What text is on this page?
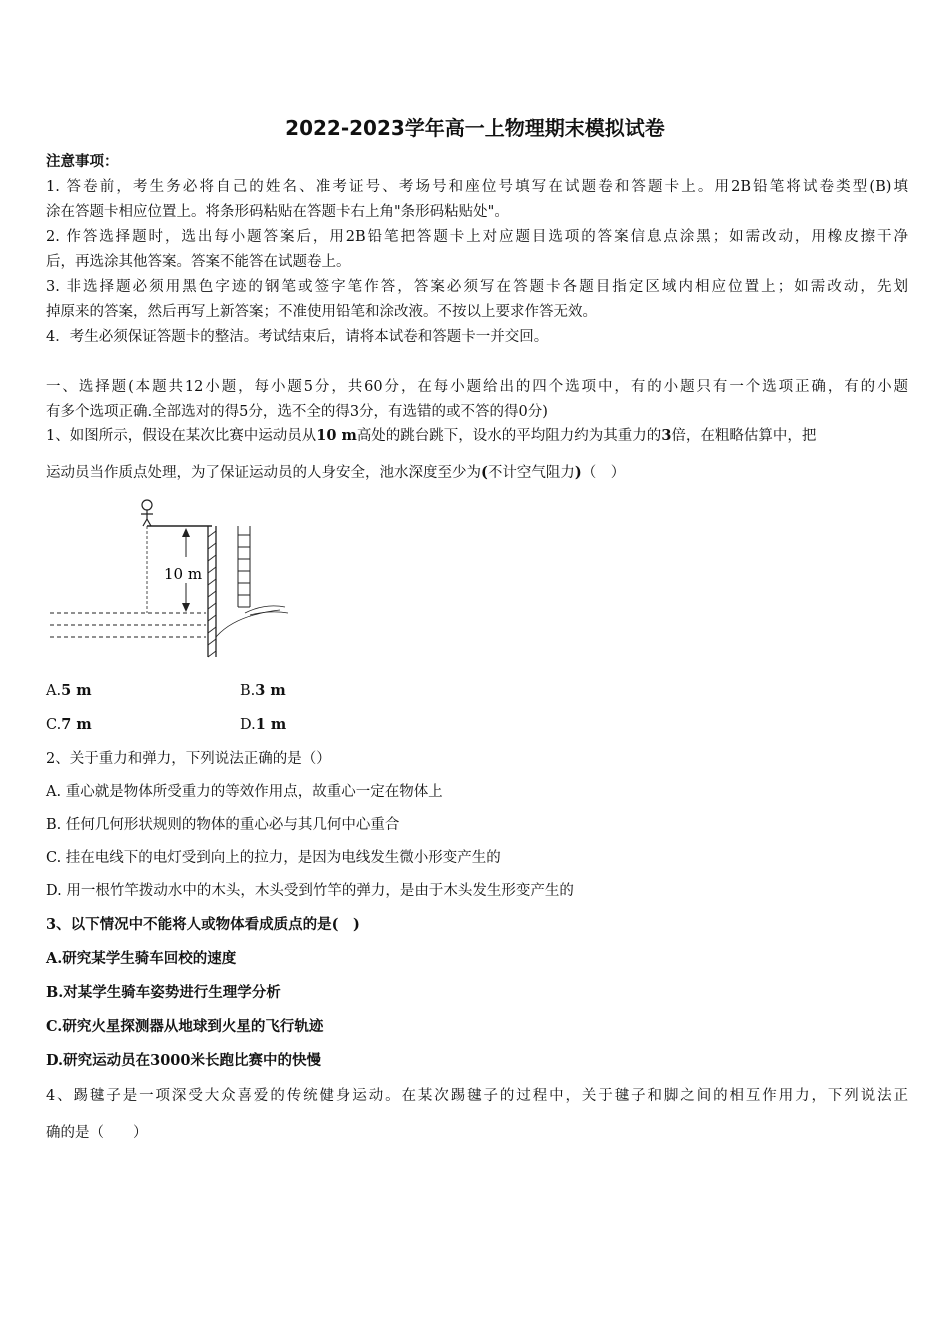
2022-2023学年高一上物理期末模拟试卷
注意事项：
1. 答卷前，考生务必将自己的姓名、准考证号、考场号和座位号填写在试题卷和答题卡上。用2B铅笔将试卷类型(B)填
涂在答题卡相应位置上。将条形码粘贴在答题卡右上角"条形码粘贴处"。
2. 作答选择题时，选出每小题答案后，用2B铅笔把答题卡上对应题目选项的答案信息点涂黑；如需改动，用橡皮擦干净
后，再选涂其他答案。答案不能答在试题卷上。
3. 非选择题必须用黑色字迹的钢笔或签字笔作答，答案必须写在答题卡各题目指定区域内相应位置上；如需改动，先划
掉原来的答案，然后再写上新答案；不准使用铅笔和涂改液。不按以上要求作答无效。
4．考生必须保证答题卡的整洁。考试结束后，请将本试卷和答题卡一并交回。
一、选择题(本题共12小题，每小题5分，共60分，在每小题给出的四个选项中，有的小题只有一个选项正确，有的小题
有多个选项正确.全部选对的得5分，选不全的得3分，有选错的或不答的得0分)
1、如图所示，假设在某次比赛中运动员从10 m高处的跳台跳下，设水的平均阻力约为其重力的3倍，在粗略估算中，把
运动员当作质点处理，为了保证运动员的人身安全，池水深度至少为(不计空气阻力)（　）
10 m
A.5 m	B.3 m
C.7 m	D.1 m
2、关于重力和弹力，下列说法正确的是（）
A. 重心就是物体所受重力的等效作用点，故重心一定在物体上
B. 任何几何形状规则的物体的重心必与其几何中心重合
C. 挂在电线下的电灯受到向上的拉力，是因为电线发生微小形变产生的
D. 用一根竹竿拨动水中的木头，木头受到竹竿的弹力，是由于木头发生形变产生的
3、以下情况中不能将人或物体看成质点的是(　)
A.研究某学生骑车回校的速度
B.对某学生骑车姿势进行生理学分析
C.研究火星探测器从地球到火星的飞行轨迹
D.研究运动员在3000米长跑比赛中的快慢
4、踢毽子是一项深受大众喜爱的传统健身运动。在某次踢毽子的过程中，关于毽子和脚之间的相互作用力，下列说法正
确的是（　　）
